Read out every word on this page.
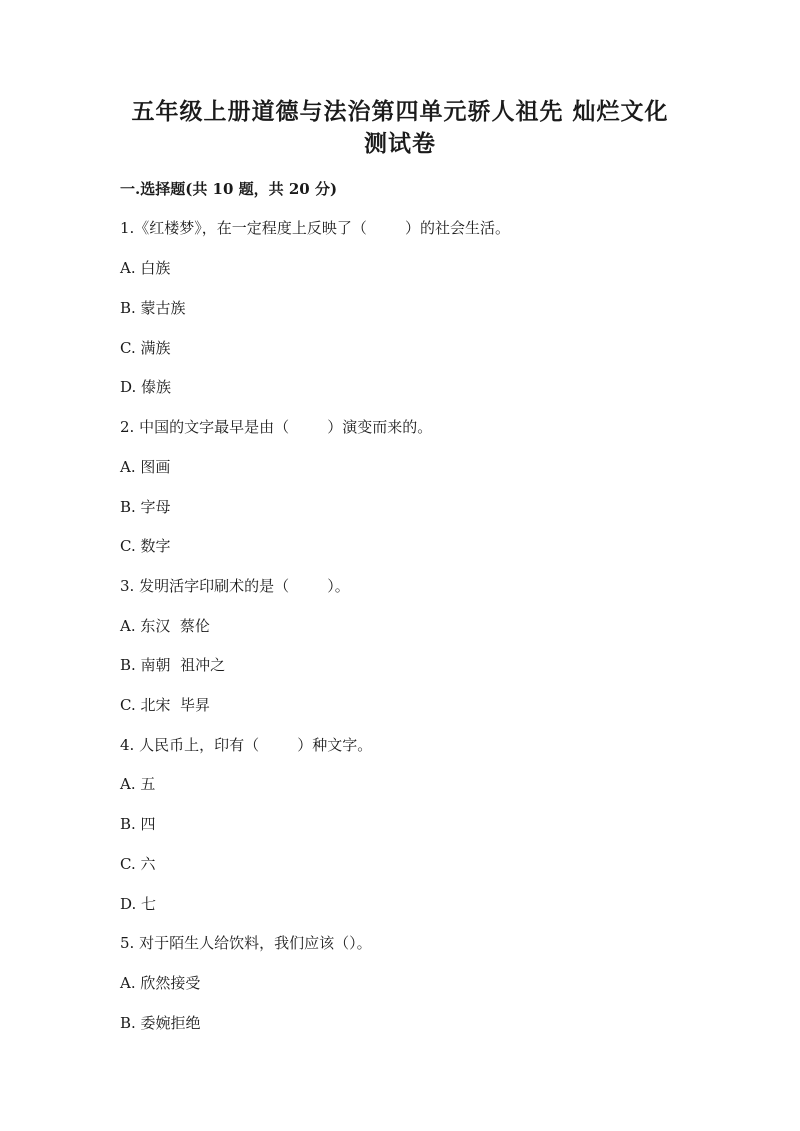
五年级上册道德与法治第四单元骄人祖先 灿烂文化
测试卷
一.选择题(共 10 题，共 20 分)

1.《红楼梦》，在一定程度上反映了（        ）的社会生活。

A. 白族

B. 蒙古族

C. 满族

D. 傣族

2. 中国的文字最早是由（        ）演变而来的。

A. 图画

B. 字母

C. 数字

3. 发明活字印刷术的是（        ）。

A. 东汉  蔡伦

B. 南朝  祖冲之

C. 北宋  毕昇

4. 人民币上，印有（        ）种文字。

A. 五

B. 四

C. 六

D. 七

5. 对于陌生人给饮料，我们应该（）。

A. 欣然接受

B. 委婉拒绝
